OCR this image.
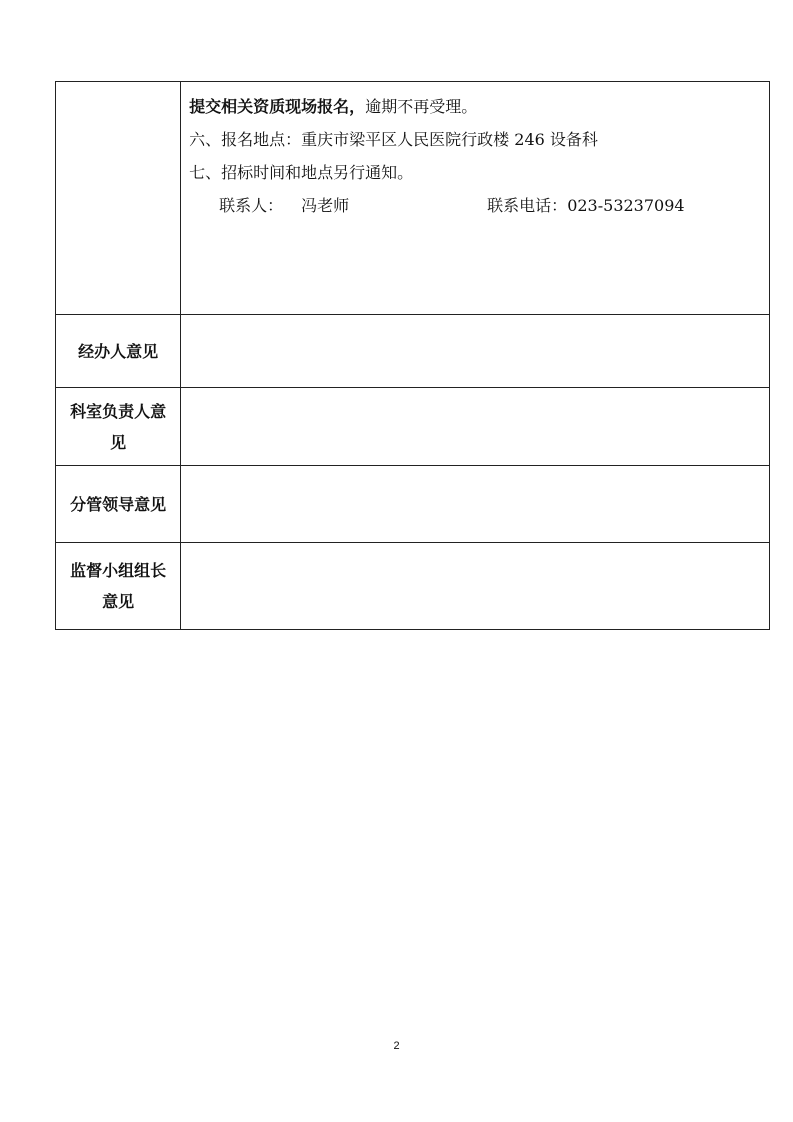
	提交相关资质现场报名，逾期不再受理。
六、报名地点：重庆市梁平区人民医院行政楼 246 设备科
七、招标时间和地点另行通知。
联系人： 冯老师 联系电话：023-53237094

经办人意见	
科室负责人意见	
分管领导意见	
监督小组组长意见	
2
